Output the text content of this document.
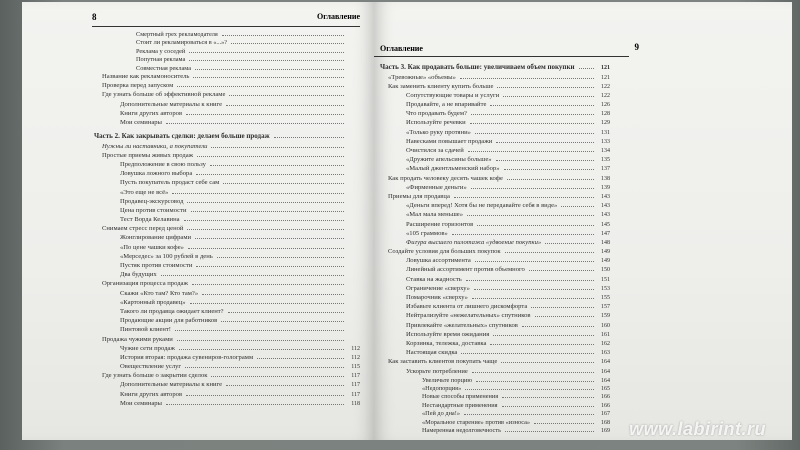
8	Оглавление
Смертный грех рекламодателя
Стоит ли рекламироваться в «...»?
Реклама у соседей
Попутная реклама
Совместная реклама
Название как рекламоноситель
Проверка перед запуском
Где узнать больше об эффективной рекламе
Дополнительные материалы к книге
Книги других авторов
Мои семинары
Часть 2. Как закрывать сделки: делаем больше продаж
Нужны ли наставники, а покупатели
Простые приемы живых продаж
Предположение в свою пользу
Ловушка ложного выбора
Пусть покупатель продаст себе сам
«Это еще не всё»
Продавец-экскурсовод
Цена против стоимости
Тест Ворда Келавина
Снимаем стресс перед ценой
Жонглирование цифрами
«По цене чашки кофе»
«Мерседес» за 100 рублей в день
Пустяк против стоимости
Два будущих
Организация процесса продаж
Скажи «Кто там? Кто там?»
«Картонный продавец»
Такого ли продавца ожидает клиент?
Продающие акции для работников
Пинтовой клиент!
Продажа чужими руками
Чужие сети продаж	112
История вторая: продажа сувениров-голограмм	112
Овеществление услуг	115
Где узнать больше о закрытии сделок	117
Дополнительные материалы к книге	117
Книги других авторов	117
Мои семинары	118
Оглавление	9
Часть 3. Как продавать больше: увеличиваем объем покупки	121
«Тревожные» «объемы»	121
Как заменить клиенту купить больше	122
Сопутствующие товары и услуги	122
Продавайте, а не впаривайте	126
Что продавать будем?	128
Используйте речевки	129
«Только руку протяни»	131
Навесками повышает продажи	133
Очистился за сдачей	134
«Дружите апельсины больше»	135
«Малый джентльменский набор»	137
Как продать человеку десять чашек кофе	138
«Фирменные деньги»	139
Приемы для продавца	143
«Деньги вперед! Хотя бы не передавайте себя в виде»	143
«Мал мала меньше»	143
Расширение горизонтов	145
«105 граммов»	147
Фигура высшего пилотажа «удвоение покупки»	148
Создайте условия для больших покупок	149
Ловушка ассортимента	149
Линейный ассортимент против объемного	150
Ставка на жадность	151
Ограничение «сверху»	153
Помарочник «сверху»	155
Избавьте клиента от лишнего дискомфорта	157
Нейтрализуйте «нежелательных» спутников	159
Привлекайте «желательных» спутников	160
Используйте время ожидания	161
Корзинка, тележка, доставка	162
Настоящая скидка	163
Как заставить клиентов покупать чаще	164
Ускорьте потребление	164
Увеличьте порцию	164
«Недопорция»	165
Новые способы применения	166
Нестандартные применения	166
«Пей до дна!»	167
«Моральное старение» против «износа»	168
Намеренная недолговечность	169 www.labirint.ru
